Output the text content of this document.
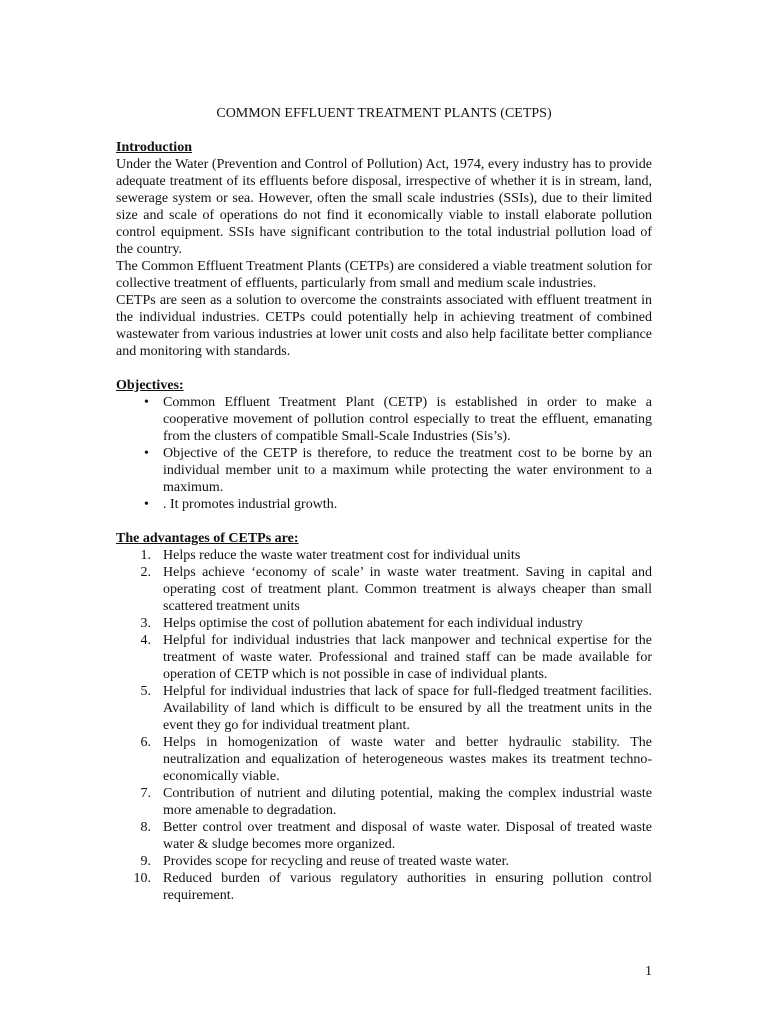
COMMON EFFLUENT TREATMENT PLANTS (CETPS)

Introduction

Under the Water (Prevention and Control of Pollution) Act, 1974, every industry has to provide adequate treatment of its effluents before disposal, irrespective of whether it is in stream, land, sewerage system or sea. However, often the small scale industries (SSIs), due to their limited size and scale of operations do not find it economically viable to install elaborate pollution control equipment. SSIs have significant contribution to the total industrial pollution load of the country.

The Common Effluent Treatment Plants (CETPs) are considered a viable treatment solution for collective treatment of effluents, particularly from small and medium scale industries.

CETPs are seen as a solution to overcome the constraints associated with effluent treatment in the individual industries. CETPs could potentially help in achieving treatment of combined wastewater from various industries at lower unit costs and also help facilitate better compliance and monitoring with standards.

Objectives:

• Common Effluent Treatment Plant (CETP) is established in order to make a cooperative movement of pollution control especially to treat the effluent, emanating from the clusters of compatible Small-Scale Industries (Sis’s).
• Objective of the CETP is therefore, to reduce the treatment cost to be borne by an individual member unit to a maximum while protecting the water environment to a maximum.
• . It promotes industrial growth.

The advantages of CETPs are:

1. Helps reduce the waste water treatment cost for individual units
2. Helps achieve ‘economy of scale’ in waste water treatment. Saving in capital and operating cost of treatment plant. Common treatment is always cheaper than small scattered treatment units
3. Helps optimise the cost of pollution abatement for each individual industry
4. Helpful for individual industries that lack manpower and technical expertise for the treatment of waste water. Professional and trained staff can be made available for operation of CETP which is not possible in case of individual plants.
5. Helpful for individual industries that lack of space for full-fledged treatment facilities. Availability of land which is difficult to be ensured by all the treatment units in the event they go for individual treatment plant.
6. Helps in homogenization of waste water and better hydraulic stability. The neutralization and equalization of heterogeneous wastes makes its treatment techno-economically viable.
7. Contribution of nutrient and diluting potential, making the complex industrial waste more amenable to degradation.
8. Better control over treatment and disposal of waste water. Disposal of treated waste water & sludge becomes more organized.
9. Provides scope for recycling and reuse of treated waste water.
10. Reduced burden of various regulatory authorities in ensuring pollution control requirement.
1
